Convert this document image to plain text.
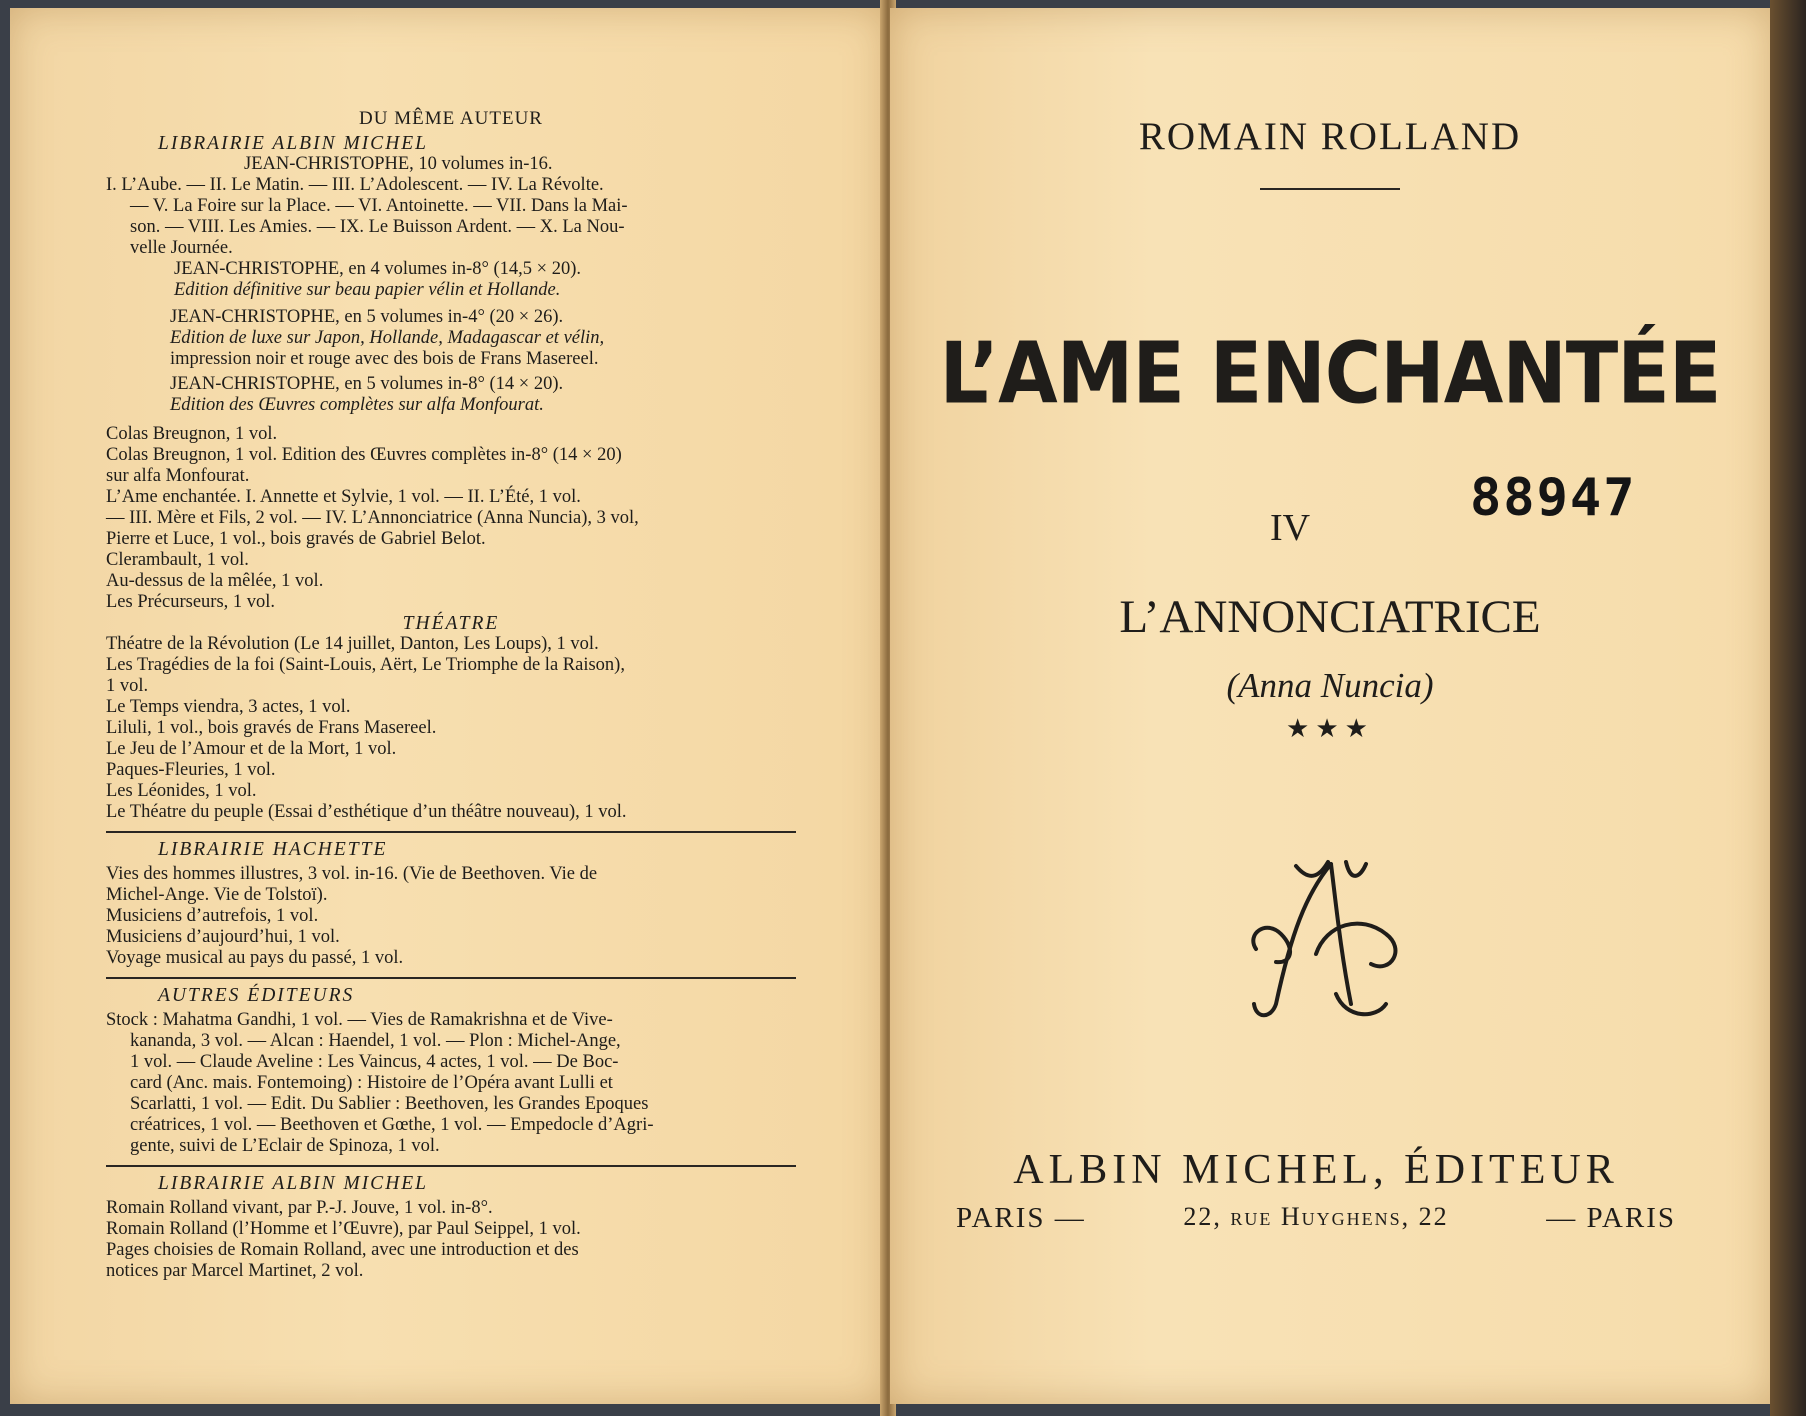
DU MÊME AUTEUR
LIBRAIRIE ALBIN MICHEL
JEAN-CHRISTOPHE, 10 volumes in-16.
I. L’Aube. — II. Le Matin. — III. L’Adolescent. — IV. La Révolte.
— V. La Foire sur la Place. — VI. Antoinette. — VII. Dans la Mai-
son. — VIII. Les Amies. — IX. Le Buisson Ardent. — X. La Nou-
velle Journée.
JEAN-CHRISTOPHE, en 4 volumes in-8° (14,5 × 20).
Edition définitive sur beau papier vélin et Hollande.
JEAN-CHRISTOPHE, en 5 volumes in-4° (20 × 26).
Edition de luxe sur Japon, Hollande, Madagascar et vélin,
impression noir et rouge avec des bois de Frans Masereel.
JEAN-CHRISTOPHE, en 5 volumes in-8° (14 × 20).
Edition des Œuvres complètes sur alfa Monfourat.
Colas Breugnon, 1 vol.
Colas Breugnon, 1 vol. Edition des Œuvres complètes in-8° (14 × 20)
sur alfa Monfourat.
L’Ame enchantée. I. Annette et Sylvie, 1 vol. — II. L’Été, 1 vol.
— III. Mère et Fils, 2 vol. — IV. L’Annonciatrice (Anna Nuncia), 3 vol,
Pierre et Luce, 1 vol., bois gravés de Gabriel Belot.
Clerambault, 1 vol.
Au-dessus de la mêlée, 1 vol.
Les Précurseurs, 1 vol.
THÉATRE
Théatre de la Révolution (Le 14 juillet, Danton, Les Loups), 1 vol.
Les Tragédies de la foi (Saint-Louis, Aërt, Le Triomphe de la Raison),
1 vol.
Le Temps viendra, 3 actes, 1 vol.
Liluli, 1 vol., bois gravés de Frans Masereel.
Le Jeu de l’Amour et de la Mort, 1 vol.
Paques-Fleuries, 1 vol.
Les Léonides, 1 vol.
Le Théatre du peuple (Essai d’esthétique d’un théâtre nouveau), 1 vol.
LIBRAIRIE HACHETTE
Vies des hommes illustres, 3 vol. in-16. (Vie de Beethoven. Vie de
Michel-Ange. Vie de Tolstoï).
Musiciens d’autrefois, 1 vol.
Musiciens d’aujourd’hui, 1 vol.
Voyage musical au pays du passé, 1 vol.
AUTRES ÉDITEURS
Stock : Mahatma Gandhi, 1 vol. — Vies de Ramakrishna et de Vive-
kananda, 3 vol. — Alcan : Haendel, 1 vol. — Plon : Michel-Ange,
1 vol. — Claude Aveline : Les Vaincus, 4 actes, 1 vol. — De Boc-
card (Anc. mais. Fontemoing) : Histoire de l’Opéra avant Lulli et
Scarlatti, 1 vol. — Edit. Du Sablier : Beethoven, les Grandes Epoques
créatrices, 1 vol. — Beethoven et Gœthe, 1 vol. — Empedocle d’Agri-
gente, suivi de L’Eclair de Spinoza, 1 vol.
LIBRAIRIE ALBIN MICHEL
Romain Rolland vivant, par P.-J. Jouve, 1 vol. in-8°.
Romain Rolland (l’Homme et l’Œuvre), par Paul Seippel, 1 vol.
Pages choisies de Romain Rolland, avec une introduction et des
notices par Marcel Martinet, 2 vol.
ROMAIN ROLLAND
L’AME ENCHANTÉE
88947
IV
L’ANNONCIATRICE
(Anna Nuncia)
★★★
ALBIN MICHEL, ÉDITEUR
PARIS —	22, rue Huyghens, 22	— PARIS
